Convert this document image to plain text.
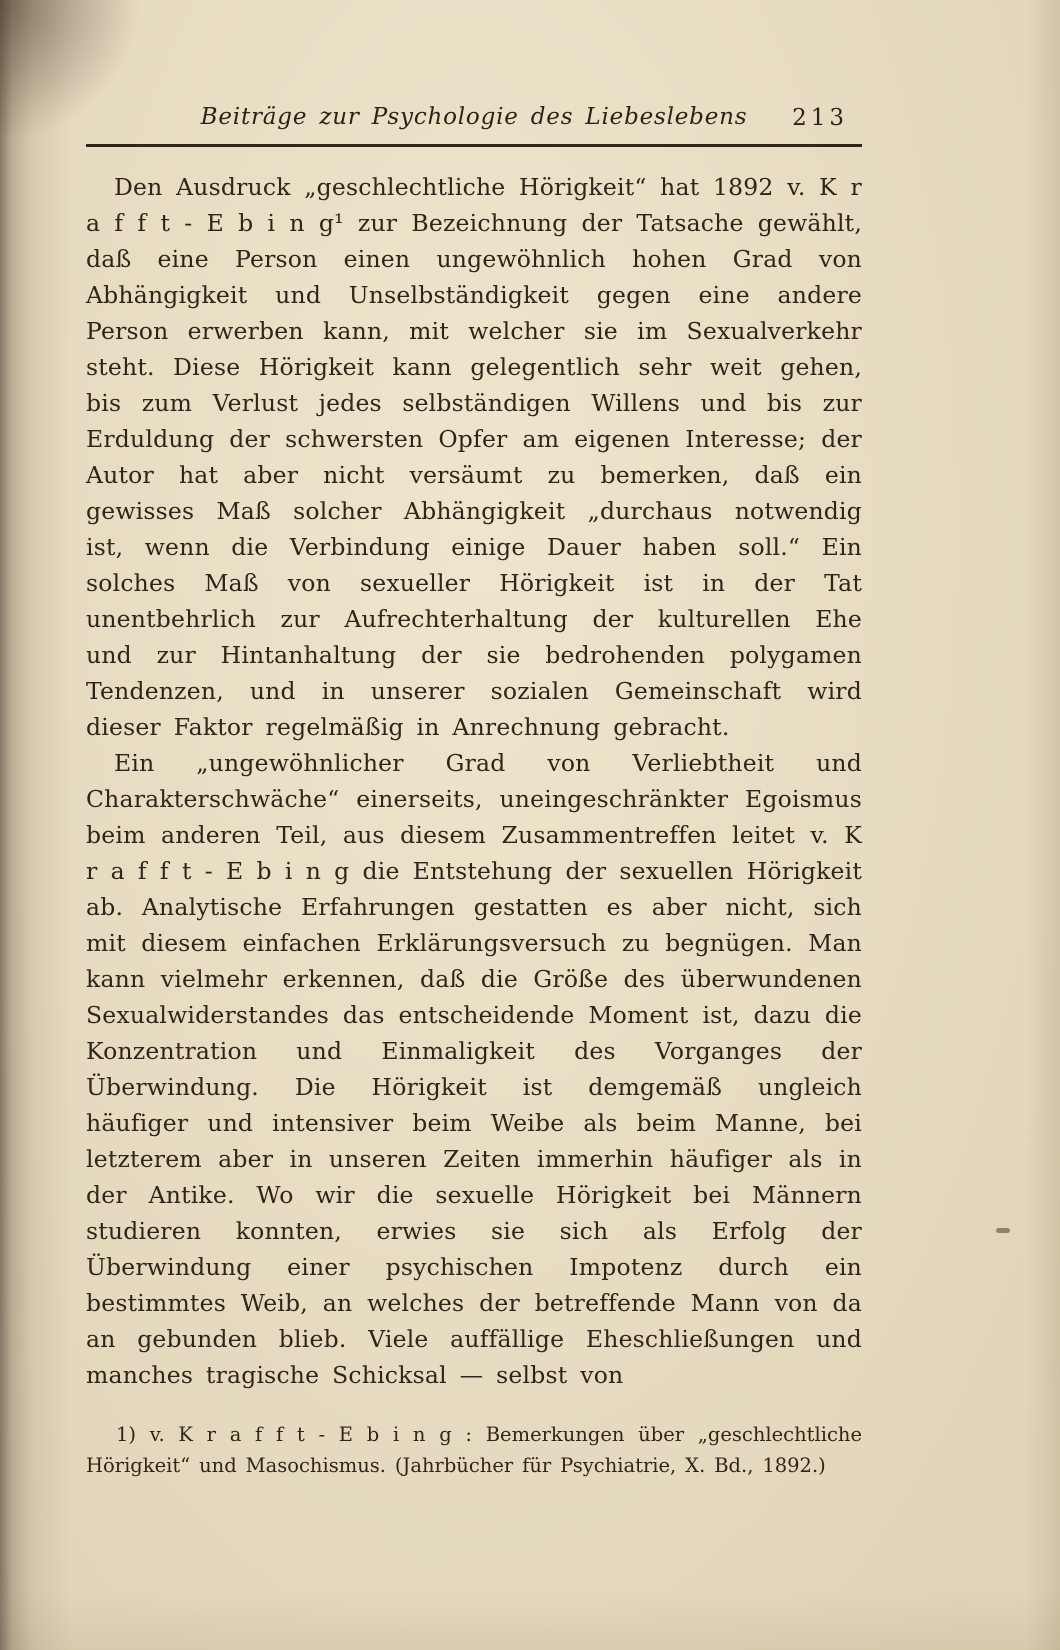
Beiträge zur Psychologie des Liebeslebens 213

Den Ausdruck „geschlechtliche Hörigkeit“ hat 1892 v. K r a f f t - E b i n g¹ zur Bezeichnung der Tatsache gewählt, daß eine Person einen ungewöhnlich hohen Grad von Abhängigkeit und Unselbständigkeit gegen eine andere Person erwerben kann, mit welcher sie im Sexualverkehr steht. Diese Hörigkeit kann gelegentlich sehr weit gehen, bis zum Verlust jedes selbständigen Willens und bis zur Erduldung der schwersten Opfer am eigenen Interesse; der Autor hat aber nicht versäumt zu bemerken, daß ein gewisses Maß solcher Abhängigkeit „durchaus notwendig ist, wenn die Verbindung einige Dauer haben soll.“ Ein solches Maß von sexueller Hörigkeit ist in der Tat unentbehrlich zur Aufrechterhaltung der kulturellen Ehe und zur Hintanhaltung der sie bedrohenden polygamen Tendenzen, und in unserer sozialen Gemeinschaft wird dieser Faktor regelmäßig in Anrechnung gebracht.

Ein „ungewöhnlicher Grad von Verliebtheit und Charakterschwäche“ einerseits, uneingeschränkter Egoismus beim anderen Teil, aus diesem Zusammentreffen leitet v. K r a f f t - E b i n g die Entstehung der sexuellen Hörigkeit ab. Analytische Erfahrungen gestatten es aber nicht, sich mit diesem einfachen Erklärungsversuch zu begnügen. Man kann vielmehr erkennen, daß die Größe des überwundenen Sexualwiderstandes das entscheidende Moment ist, dazu die Konzentration und Einmaligkeit des Vorganges der Überwindung. Die Hörigkeit ist demgemäß ungleich häufiger und intensiver beim Weibe als beim Manne, bei letzterem aber in unseren Zeiten immerhin häufiger als in der Antike. Wo wir die sexuelle Hörigkeit bei Männern studieren konnten, erwies sie sich als Erfolg der Überwindung einer psychischen Impotenz durch ein bestimmtes Weib, an welches der betreffende Mann von da an gebunden blieb. Viele auffällige Eheschließungen und manches tragische Schicksal — selbst von

1) v. K r a f f t - E b i n g : Bemerkungen über „geschlechtliche Hörigkeit“ und Masochismus. (Jahrbücher für Psychiatrie, X. Bd., 1892.)
